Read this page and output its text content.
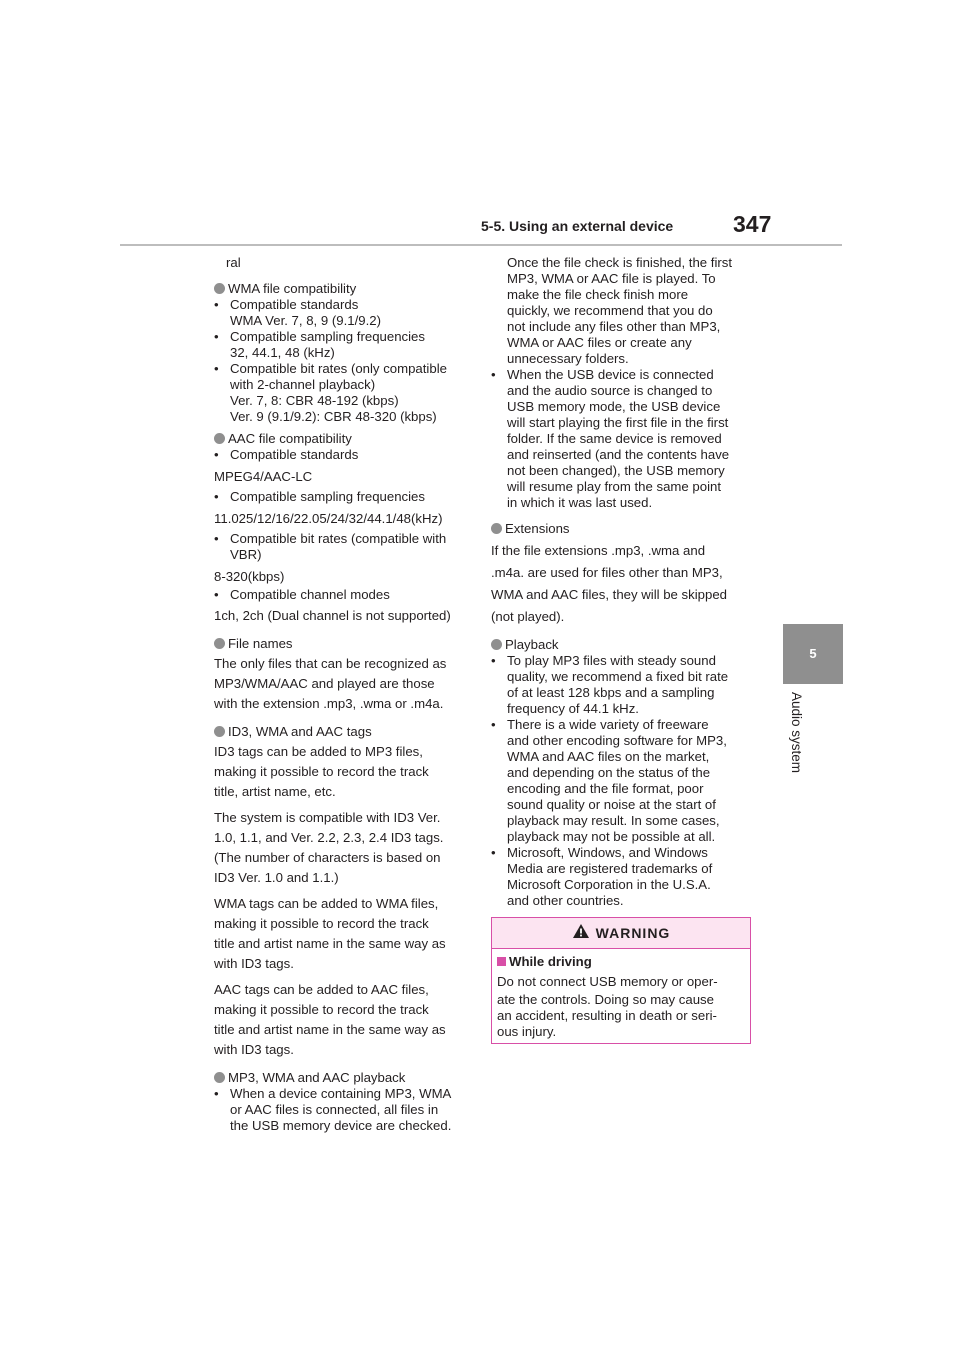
5-5. Using an external device	347
5
Audio system

ral

WMA file compatibility
• Compatible standards
WMA Ver. 7, 8, 9 (9.1/9.2)
• Compatible sampling frequencies
32, 44.1, 48 (kHz)
• Compatible bit rates (only compatible
with 2-channel playback)
Ver. 7, 8: CBR 48-192 (kbps)
Ver. 9 (9.1/9.2): CBR 48-320 (kbps)
AAC file compatibility
• Compatible standards

MPEG4/AAC-LC

• Compatible sampling frequencies

11.025/12/16/22.05/24/32/44.1/48(kHz)

• Compatible bit rates (compatible with
VBR)

8-320(kbps)

• Compatible channel modes

1ch, 2ch (Dual channel is not supported)

File names

The only files that can be recognized as

MP3/WMA/AAC and played are those

with the extension .mp3, .wma or .m4a.

ID3, WMA and AAC tags

ID3 tags can be added to MP3 files,

making it possible to record the track

title, artist name, etc.

The system is compatible with ID3 Ver.

1.0, 1.1, and Ver. 2.2, 2.3, 2.4 ID3 tags.

(The number of characters is based on

ID3 Ver. 1.0 and 1.1.)

WMA tags can be added to WMA files,

making it possible to record the track

title and artist name in the same way as

with ID3 tags.

AAC tags can be added to AAC files,

making it possible to record the track

title and artist name in the same way as

with ID3 tags.

MP3, WMA and AAC playback
• When a device containing MP3, WMA
or AAC files is connected, all files in
the USB memory device are checked.
Once the file check is finished, the first
MP3, WMA or AAC file is played. To
make the file check finish more
quickly, we recommend that you do
not include any files other than MP3,
WMA or AAC files or create any
unnecessary folders.
• When the USB device is connected
and the audio source is changed to
USB memory mode, the USB device
will start playing the first file in the first
folder. If the same device is removed
and reinserted (and the contents have
not been changed), the USB memory
will resume play from the same point
in which it was last used.
Extensions

If the file extensions .mp3, .wma and

.m4a. are used for files other than MP3,

WMA and AAC files, they will be skipped

(not played).

Playback
• To play MP3 files with steady sound
quality, we recommend a fixed bit rate
of at least 128 kbps and a sampling
frequency of 44.1 kHz.
• There is a wide variety of freeware
and other encoding software for MP3,
WMA and AAC files on the market,
and depending on the status of the
encoding and the file format, poor
sound quality or noise at the start of
playback may result. In some cases,
playback may not be possible at all.
• Microsoft, Windows, and Windows
Media are registered trademarks of
Microsoft Corporation in the U.S.A.
and other countries.
WARNING

While driving

Do not connect USB memory or oper-

ate the controls. Doing so may cause

an accident, resulting in death or seri-

ous injury.
